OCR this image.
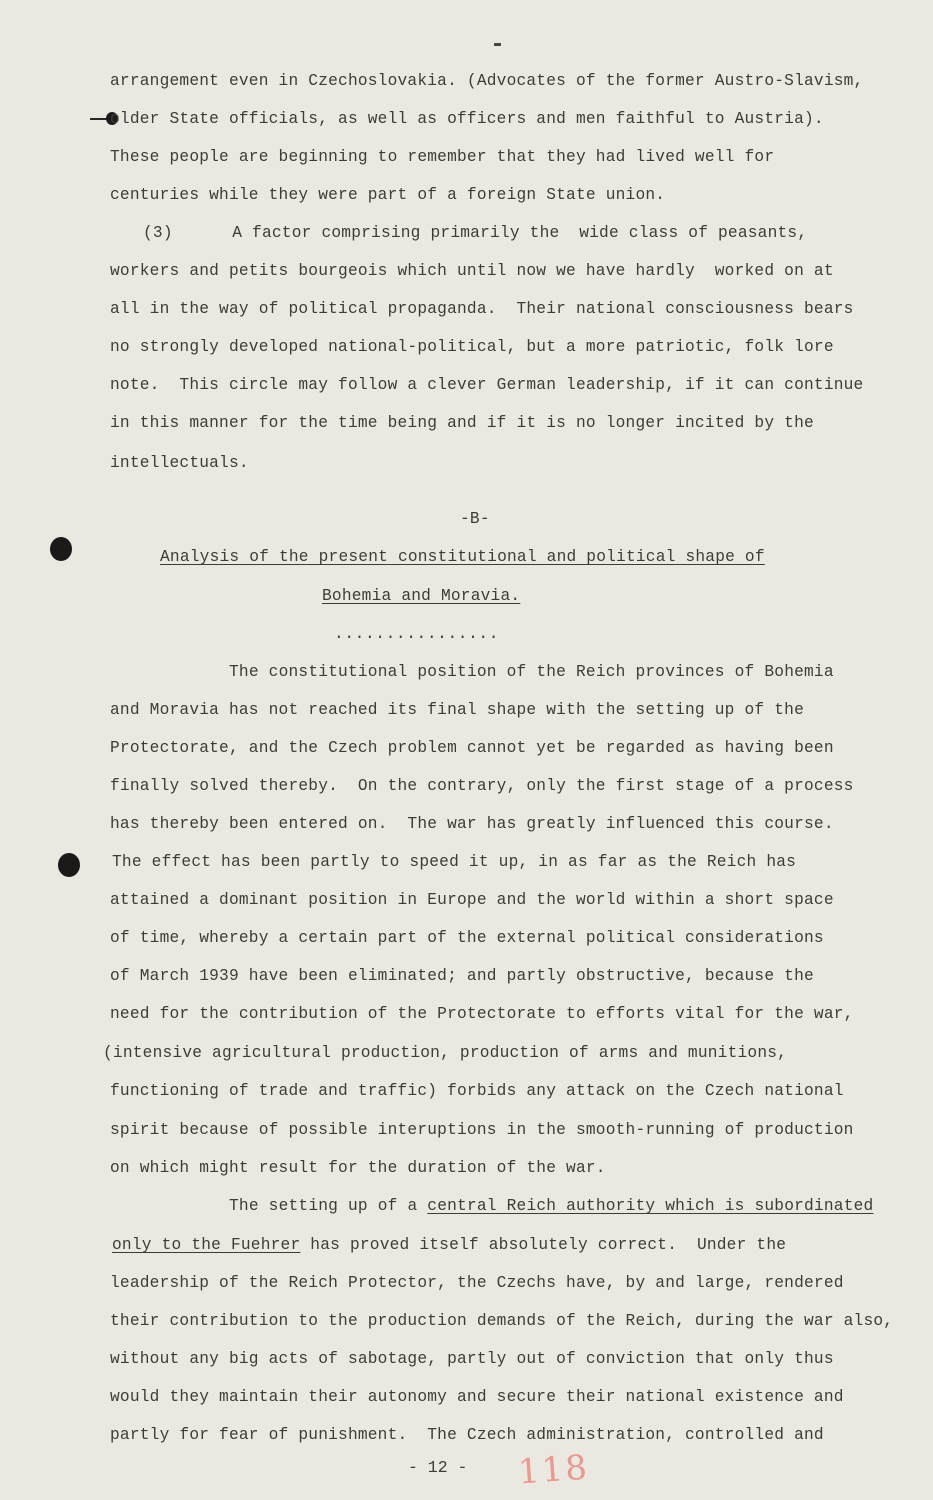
arrangement even in Czechoslovakia. (Advocates of the former Austro-Slavism,
older State officials, as well as officers and men faithful to Austria).
These people are beginning to remember that they had lived well for
centuries while they were part of a foreign State union.
(3)      A factor comprising primarily the  wide class of peasants,
workers and petits bourgeois which until now we have hardly  worked on at
all in the way of political propaganda.  Their national consciousness bears
no strongly developed national-political, but a more patriotic, folk lore
note.  This circle may follow a clever German leadership, if it can continue
in this manner for the time being and if it is no longer incited by the
intellectuals.
-B-
Analysis of the present constitutional and political shape of
Bohemia and Moravia.
................
The constitutional position of the Reich provinces of Bohemia
and Moravia has not reached its final shape with the setting up of the
Protectorate, and the Czech problem cannot yet be regarded as having been
finally solved thereby.  On the contrary, only the first stage of a process
has thereby been entered on.  The war has greatly influenced this course.
The effect has been partly to speed it up, in as far as the Reich has
attained a dominant position in Europe and the world within a short space
of time, whereby a certain part of the external political considerations
of March 1939 have been eliminated; and partly obstructive, because the
need for the contribution of the Protectorate to efforts vital for the war,
(intensive agricultural production, production of arms and munitions,
functioning of trade and traffic) forbids any attack on the Czech national
spirit because of possible interuptions in the smooth-running of production
on which might result for the duration of the war.
The setting up of a central Reich authority which is subordinated
only to the Fuehrer has proved itself absolutely correct.  Under the
leadership of the Reich Protector, the Czechs have, by and large, rendered
their contribution to the production demands of the Reich, during the war also,
without any big acts of sabotage, partly out of conviction that only thus
would they maintain their autonomy and secure their national existence and
partly for fear of punishment.  The Czech administration, controlled and
- 12 - 118
